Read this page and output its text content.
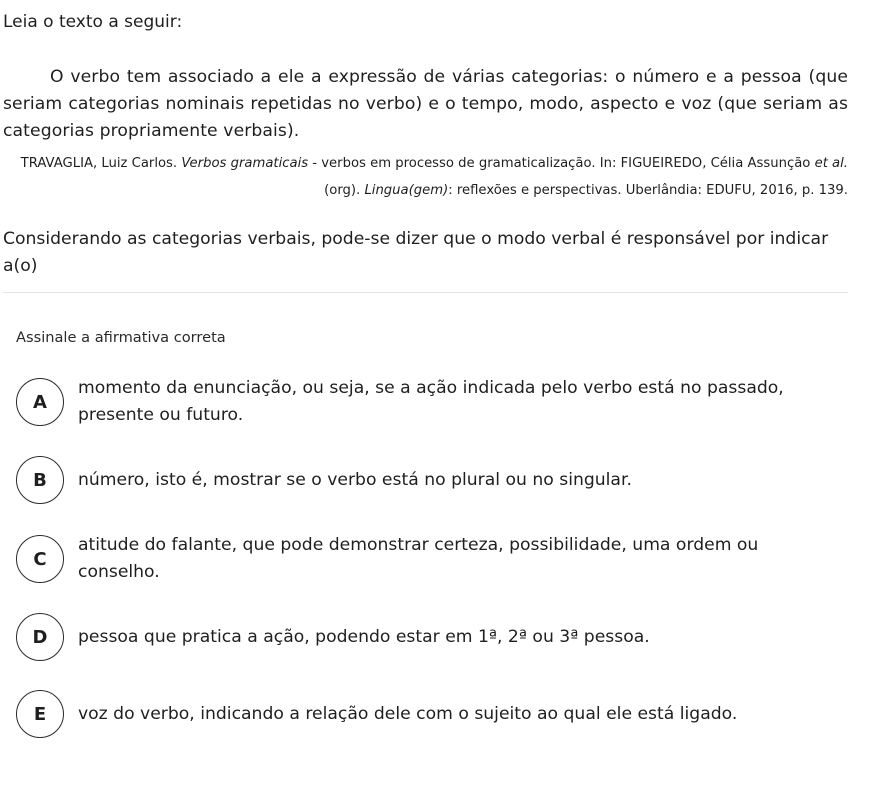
Leia o texto a seguir:

O verbo tem associado a ele a expressão de várias categorias: o número e a pessoa (que seriam categorias nominais repetidas no verbo) e o tempo, modo, aspecto e voz (que seriam as categorias propriamente verbais).

TRAVAGLIA, Luiz Carlos. Verbos gramaticais - verbos em processo de gramaticalização. In: FIGUEIREDO, Célia Assunção et al. (org). Lingua(gem): reflexões e perspectivas. Uberlândia: EDUFU, 2016, p. 139.

Considerando as categorias verbais, pode-se dizer que o modo verbal é responsável por indicar a(o)

Assinale a afirmativa correta

A
momento da enunciação, ou seja, se a ação indicada pelo verbo está no passado, presente ou futuro.
B	número, isto é, mostrar se o verbo está no plural ou no singular.
C
atitude do falante, que pode demonstrar certeza, possibilidade, uma ordem ou conselho.
D	pessoa que pratica a ação, podendo estar em 1ª, 2ª ou 3ª pessoa.
E	voz do verbo, indicando a relação dele com o sujeito ao qual ele está ligado.
